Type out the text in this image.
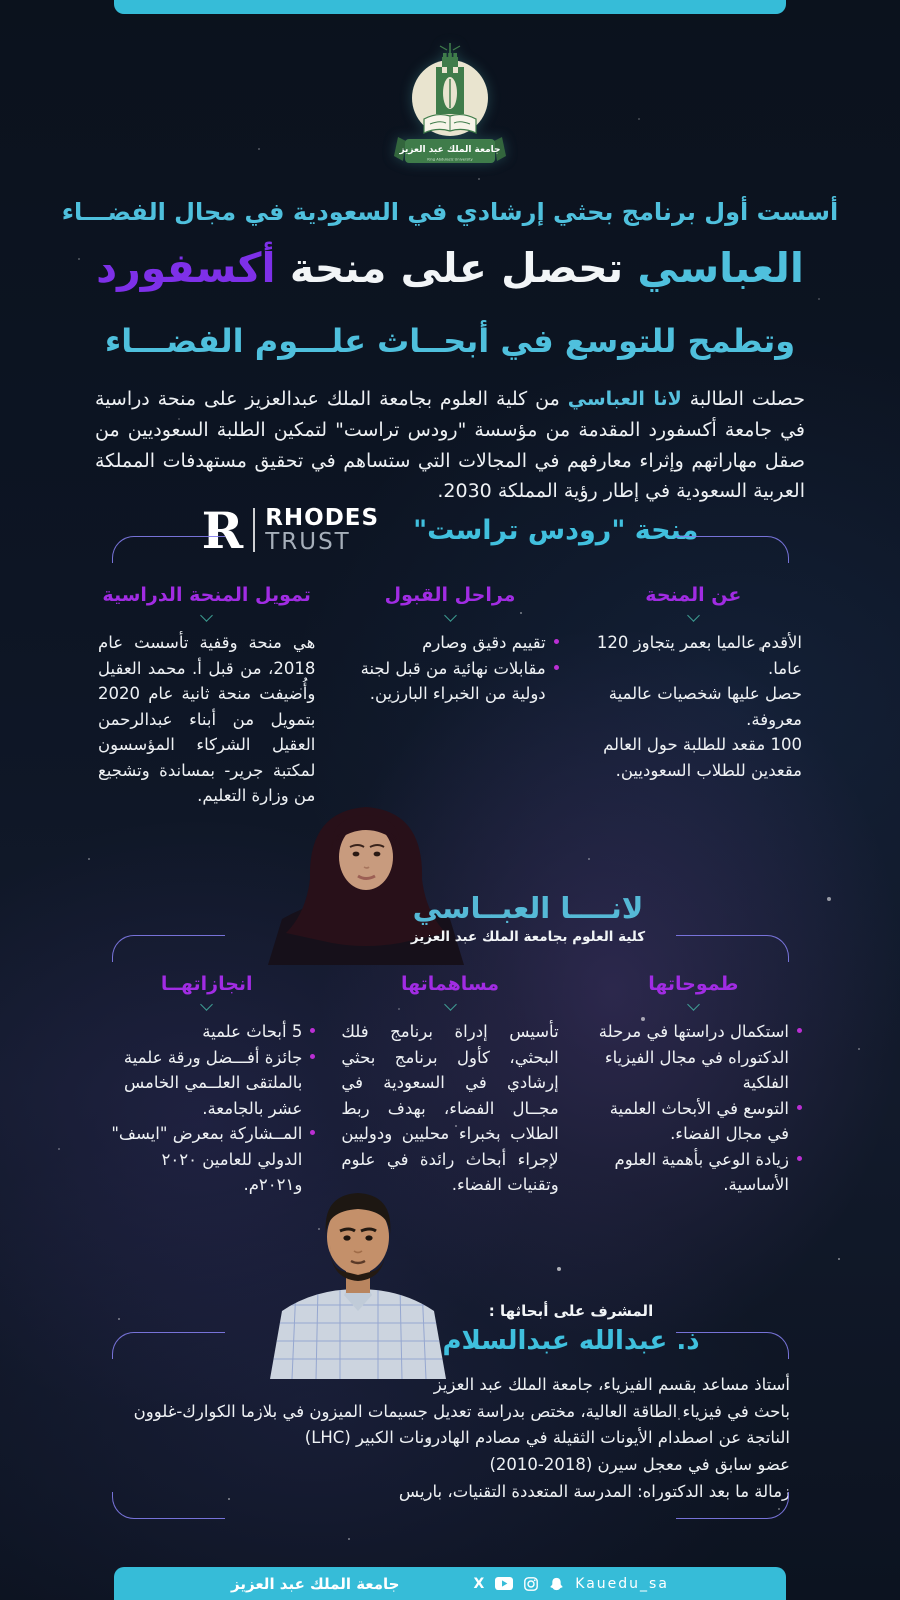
جامعة الملك عبد العزيز
King Abdulaziz University
أسست أول برنامج بحثي إرشادي في السعودية في مجال الفضـــاء
العباسي تحصل على منحة أكسفورد
وتطمح للتوسع في أبحــاث علـــوم الفضـــاء
حصلت الطالبة لانا العباسي من كلية العلوم بجامعة الملك عبدالعزيز على منحة دراسية في جامعة أكسفورد المقدمة من مؤسسة "رودس تراست" لتمكين الطلبة السعوديين من صقل مهاراتهم وإثراء معارفهم في المجالات التي ستساهم في تحقيق مستهدفات المملكة العربية السعودية في إطار رؤية المملكة 2030.
منحة "رودس تراست"
R RHODES
TRUST
عن المنحة
الأقدم عالميا بعمر يتجاوز 120 عاما.
حصل عليها شخصيات عالمية معروفة.
100 مقعد للطلبة حول العالم مقعدين للطلاب السعوديين.
مراحل القبول
تقييم دقيق وصارم
مقابلات نهائية من قبل لجنة دولية من الخبراء البارزين.
تمويل المنحة الدراسية
هي منحة وقفية تأسست عام 2018، من قبل أ. محمد العقيل وأُضيفت منحة ثانية عام 2020 بتمويل من أبناء عبدالرحمن العقيل الشركاء المؤسسون لمكتبة جرير- بمساندة وتشجيع من وزارة التعليم.
لانــــا العبــاسي
كلية العلوم بجامعة الملك عبد العزيز
طموحاتها
استكمال دراستها في مرحلة الدكتوراه في مجال الفيزياء الفلكية
التوسع في الأبحاث العلمية في مجال الفضاء.
زيادة الوعي بأهمية العلوم الأساسية.
مساهماتها
تأسيس إدراة برنامج فلك البحثي، كأول برنامج بحثي إرشادي في السعودية في مجــال الفضاء، بهدف ربط الطلاب بخبراء محليين ودوليين لإجراء أبحاث رائدة في علوم وتقنيات الفضاء.
انجازاتهــا
5 أبحاث علمية
جائزة أفـــضل ورقة علمية بالملتقى العلــمي الخامس عشر بالجامعة.
المــشاركة بمعرض "ايسف" الدولي للعامين ٢٠٢٠ و٢٠٢١م.
المشرف على أبحاثها :
ذ. عبدالله عبدالسلام
أستاذ مساعد بقسم الفيزياء، جامعة الملك عبد العزيز
باحث في فيزياء الطاقة العالية، مختص بدراسة تعديل جسيمات الميزون في بلازما الكوارك-غلوون
الناتجة عن اصطدام الأيونات الثقيلة في مصادم الهادرونات الكبير (LHC)
عضو سابق في معجل سيرن (2018-2010)
زمالة ما بعد الدكتوراه: المدرسة المتعددة التقنيات، باريس
جامعة الملك عبد العزيز	X	Kauedu_sa
